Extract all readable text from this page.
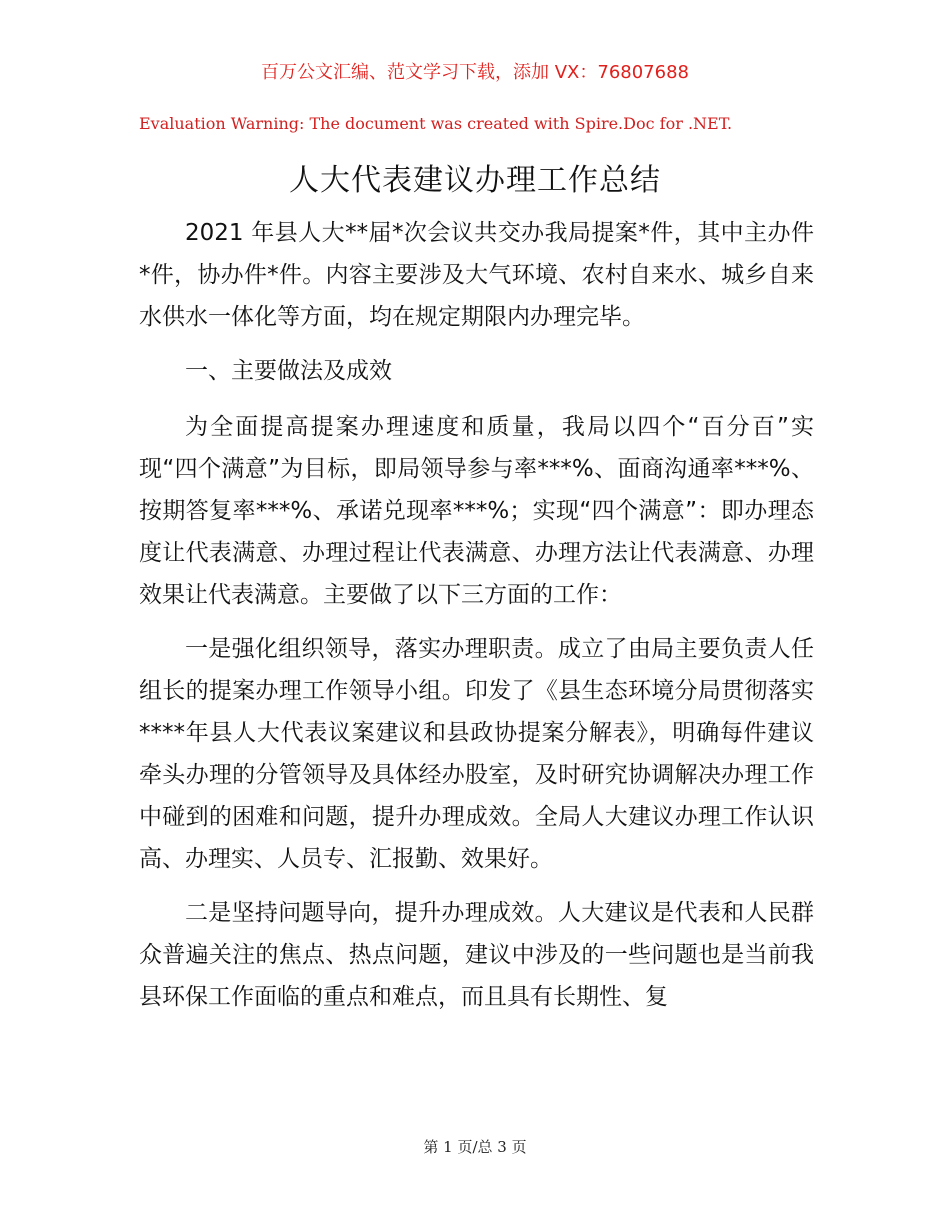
百万公文汇编、范文学习下载，添加 VX：76807688
Evaluation Warning: The document was created with Spire.Doc for .NET.
人大代表建议办理工作总结

2021 年县人大**届*次会议共交办我局提案*件，其中主办件*件，协办件*件。内容主要涉及大气环境、农村自来水、城乡自来水供水一体化等方面，均在规定期限内办理完毕。

一、主要做法及成效

为全面提高提案办理速度和质量，我局以四个“百分百”实现“四个满意”为目标，即局领导参与率***%、面商沟通率***%、按期答复率***%、承诺兑现率***%；实现“四个满意”：即办理态度让代表满意、办理过程让代表满意、办理方法让代表满意、办理效果让代表满意。主要做了以下三方面的工作：

一是强化组织领导，落实办理职责。成立了由局主要负责人任组长的提案办理工作领导小组。印发了《县生态环境分局贯彻落实****年县人大代表议案建议和县政协提案分解表》，明确每件建议牵头办理的分管领导及具体经办股室，及时研究协调解决办理工作中碰到的困难和问题，提升办理成效。全局人大建议办理工作认识高、办理实、人员专、汇报勤、效果好。

二是坚持问题导向，提升办理成效。人大建议是代表和人民群众普遍关注的焦点、热点问题，建议中涉及的一些问题也是当前我县环保工作面临的重点和难点，而且具有长期性、复

第 1 页/总 3 页
